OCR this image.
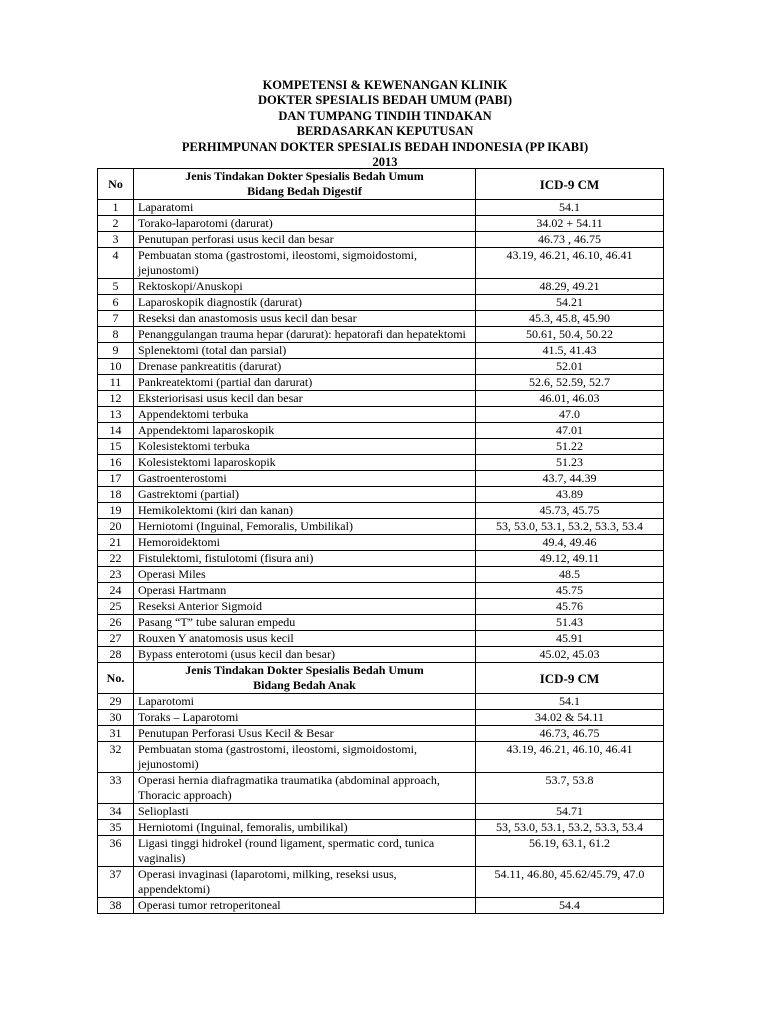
KOMPETENSI & KEWENANGAN KLINIK
DOKTER SPESIALIS BEDAH UMUM (PABI)
DAN TUMPANG TINDIH TINDAKAN
BERDASARKAN KEPUTUSAN
PERHIMPUNAN DOKTER SPESIALIS BEDAH INDONESIA (PP IKABI)
2013
No	Jenis Tindakan Dokter Spesialis Bedah Umum
Bidang Bedah Digestif	ICD-9 CM
1	Laparatomi	54.1
2	Torako-laparotomi (darurat)	34.02 + 54.11
3	Penutupan perforasi usus kecil dan besar	46.73 , 46.75
4	Pembuatan stoma (gastrostomi, ileostomi, sigmoidostomi, jejunostomi)	43.19, 46.21, 46.10, 46.41
5	Rektoskopi/Anuskopi	48.29, 49.21
6	Laparoskopik diagnostik (darurat)	54.21
7	Reseksi dan anastomosis usus kecil dan besar	45.3, 45.8, 45.90
8	Penanggulangan trauma hepar (darurat): hepatorafi dan hepatektomi	50.61, 50.4, 50.22
9	Splenektomi (total dan parsial)	41.5, 41.43
10	Drenase pankreatitis (darurat)	52.01
11	Pankreatektomi (partial dan darurat)	52.6, 52.59, 52.7
12	Eksteriorisasi usus kecil dan besar	46.01, 46.03
13	Appendektomi terbuka	47.0
14	Appendektomi laparoskopik	47.01
15	Kolesistektomi terbuka	51.22
16	Kolesistektomi laparoskopik	51.23
17	Gastroenterostomi	43.7, 44.39
18	Gastrektomi (partial)	43.89
19	Hemikolektomi (kiri dan kanan)	45.73, 45.75
20	Herniotomi (Inguinal, Femoralis, Umbilikal)	53, 53.0, 53.1, 53.2, 53.3, 53.4
21	Hemoroidektomi	49.4, 49.46
22	Fistulektomi, fistulotomi (fisura ani)	49.12, 49.11
23	Operasi Miles	48.5
24	Operasi Hartmann	45.75
25	Reseksi Anterior Sigmoid	45.76
26	Pasang “T” tube saluran empedu	51.43
27	Rouxen Y anatomosis usus kecil	45.91
28	Bypass enterotomi (usus kecil dan besar)	45.02, 45.03
No.	Jenis Tindakan Dokter Spesialis Bedah Umum
Bidang Bedah Anak	ICD-9 CM
29	Laparotomi	54.1
30	Toraks – Laparotomi	34.02 & 54.11
31	Penutupan Perforasi Usus Kecil & Besar	46.73, 46.75
32	Pembuatan stoma (gastrostomi, ileostomi, sigmoidostomi, jejunostomi)	43.19, 46.21, 46.10, 46.41
33	Operasi hernia diafragmatika traumatika (abdominal approach, Thoracic approach)	53.7, 53.8
34	Selioplasti	54.71
35	Herniotomi (Inguinal, femoralis, umbilikal)	53, 53.0, 53.1, 53.2, 53.3, 53.4
36	Ligasi tinggi hidrokel (round ligament, spermatic cord, tunica vaginalis)	56.19, 63.1, 61.2
37	Operasi invaginasi (laparotomi, milking, reseksi usus, appendektomi)	54.11, 46.80, 45.62/45.79, 47.0
38	Operasi tumor retroperitoneal	54.4
